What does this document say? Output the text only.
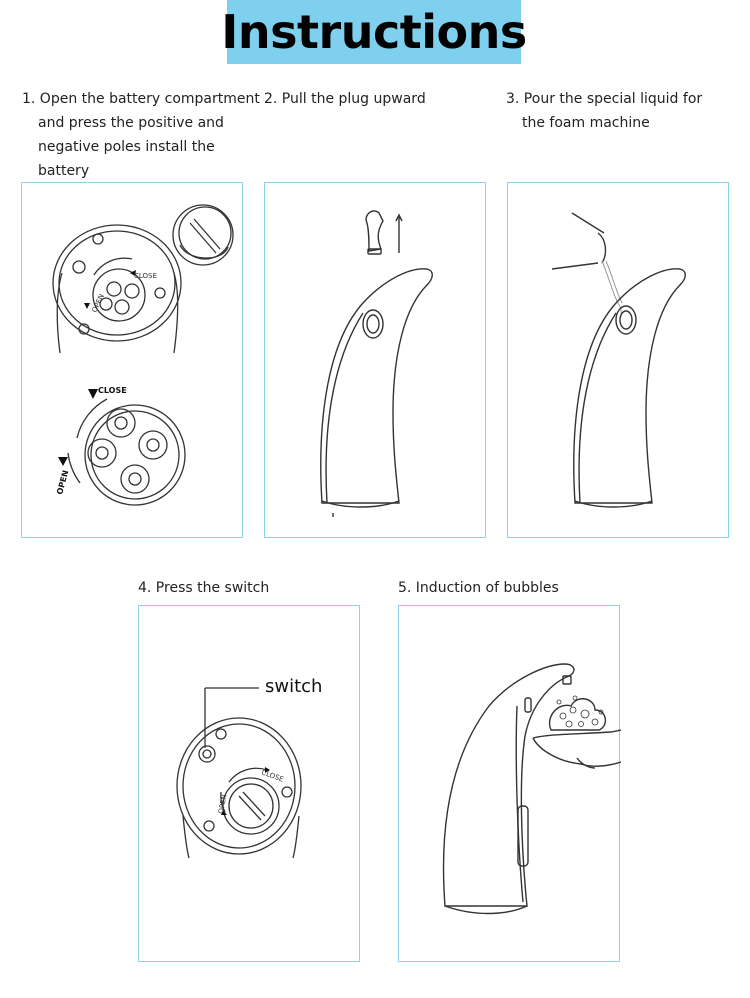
Instructions
1. Open the battery compartment
and press the positive and
negative poles install the
battery
2. Pull the plug upward	3. Pour the special liquid for
the foam machine
4. Press the switch	5. Induction of bubbles
CLOSE
OPEN
CLOSE
OPEN
CLOSE
OPEN
switch
